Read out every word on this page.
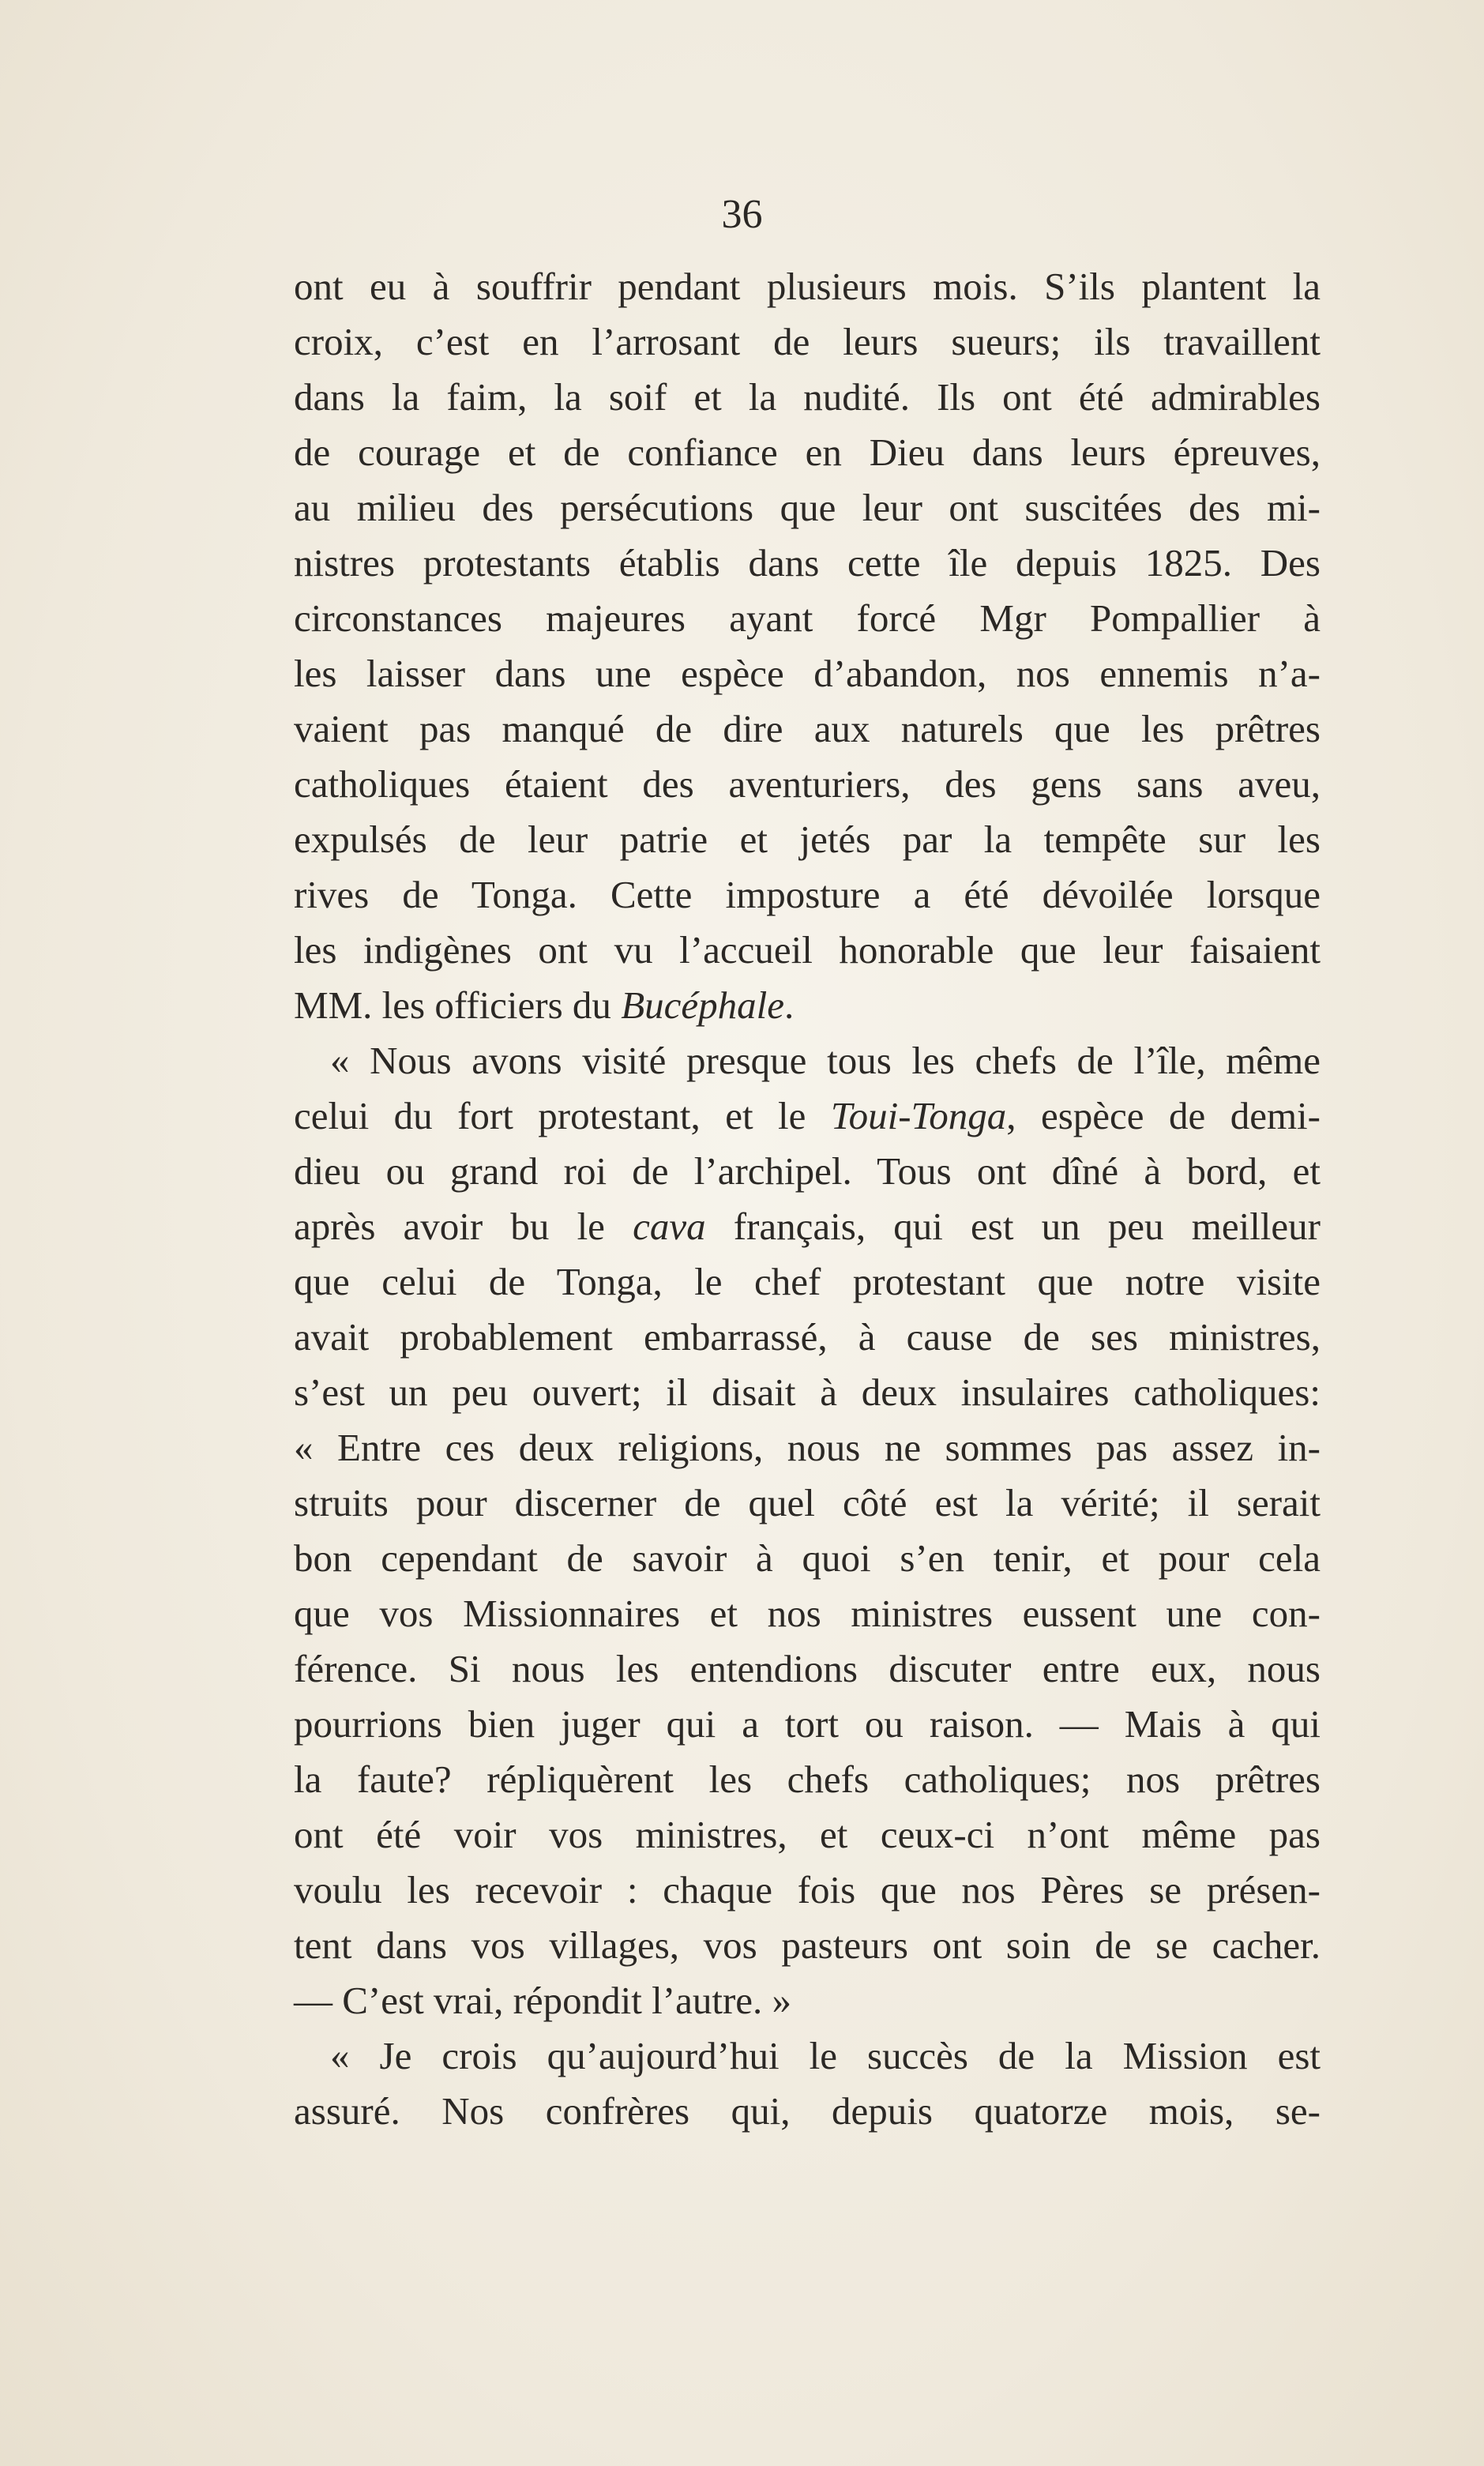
36
ont eu à souffrir pendant plusieurs mois. S’ils plantent la
croix, c’est en l’arrosant de leurs sueurs; ils travaillent
dans la faim, la soif et la nudité. Ils ont été admirables
de courage et de confiance en Dieu dans leurs épreuves,
au milieu des persécutions que leur ont suscitées des mi-
nistres protestants établis dans cette île depuis 1825. Des
circonstances majeures ayant forcé Mgr Pompallier à
les laisser dans une espèce d’abandon, nos ennemis n’a-
vaient pas manqué de dire aux naturels que les prêtres
catholiques étaient des aventuriers, des gens sans aveu,
expulsés de leur patrie et jetés par la tempête sur les
rives de Tonga. Cette imposture a été dévoilée lorsque
les indigènes ont vu l’accueil honorable que leur faisaient
MM. les officiers du Bucéphale.
« Nous avons visité presque tous les chefs de l’île, même
celui du fort protestant, et le Toui-Tonga, espèce de demi-
dieu ou grand roi de l’archipel. Tous ont dîné à bord, et
après avoir bu le cava français, qui est un peu meilleur
que celui de Tonga, le chef protestant que notre visite
avait probablement embarrassé, à cause de ses ministres,
s’est un peu ouvert; il disait à deux insulaires catholiques:
« Entre ces deux religions, nous ne sommes pas assez in-
struits pour discerner de quel côté est la vérité; il serait
bon cependant de savoir à quoi s’en tenir, et pour cela
que vos Missionnaires et nos ministres eussent une con-
férence. Si nous les entendions discuter entre eux, nous
pourrions bien juger qui a tort ou raison. — Mais à qui
la faute? répliquèrent les chefs catholiques; nos prêtres
ont été voir vos ministres, et ceux-ci n’ont même pas
voulu les recevoir : chaque fois que nos Pères se présen-
tent dans vos villages, vos pasteurs ont soin de se cacher.
— C’est vrai, répondit l’autre. »
« Je crois qu’aujourd’hui le succès de la Mission est
assuré. Nos confrères qui, depuis quatorze mois, se-
